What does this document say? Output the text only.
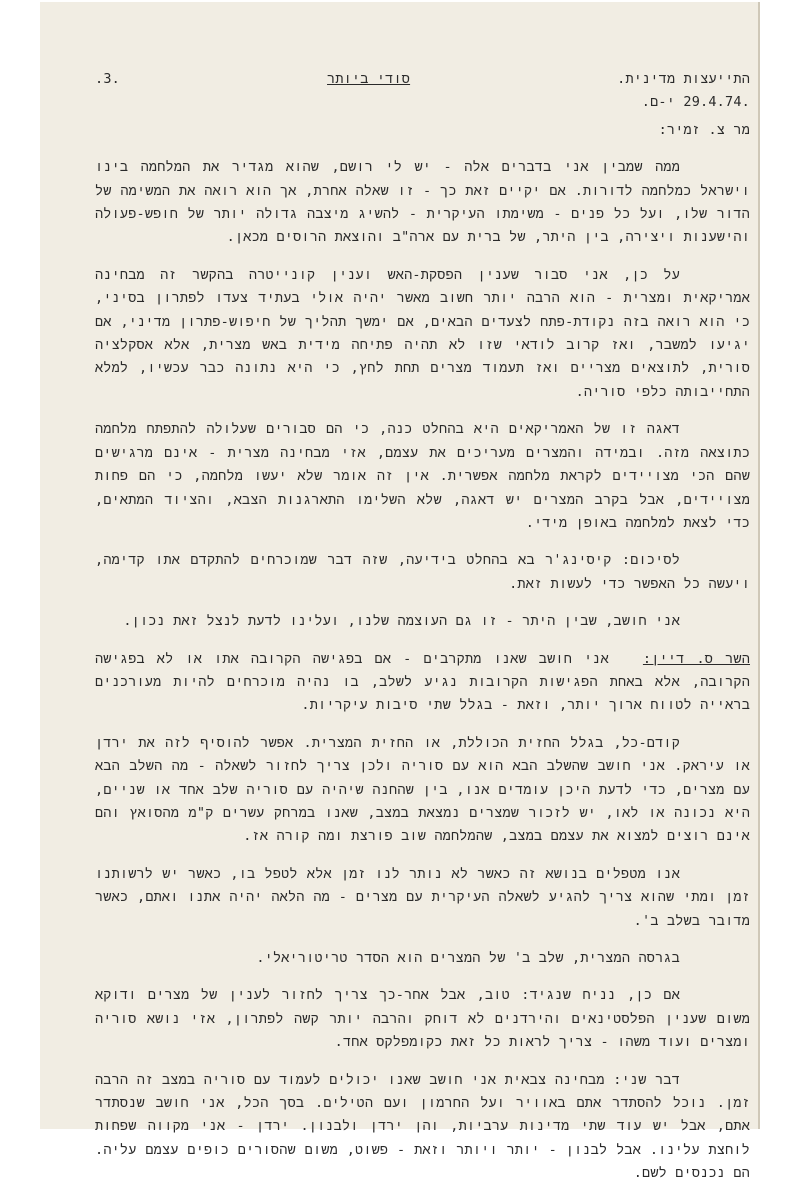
התייעצות מדינית.
סודי ביותר
.3.
.29.4.74 י-ם.
מר צ. זמיר:

ממה שמבין אני בדברים אלה - יש לי רושם, שהוא מגדיר את המלחמה בינו וישראל כמלחמה לדורות. אם יקיים זאת כך - זו שאלה אחרת, אך הוא רואה את המשימה של הדור שלו, ועל כל פנים - משימתו העיקרית - להשיג מיצבה גדולה יותר של חופש-פעולה והישענות ויצירה, בין היתר, של ברית עם ארה"ב והוצאת הרוסים מכאן.

על כן, אני סבור שענין הפסקת-האש וענין קונייטרה בהקשר זה מבחינה אמריקאית ומצרית - הוא הרבה יותר חשוב מאשר יהיה אולי בעתיד צעדו לפתרון בסיני, כי הוא רואה בזה נקודת-פתח לצעדים הבאים, אם ימשך תהליך של חיפוש-פתרון מדיני, אם יגיעו למשבר, ואז קרוב לודאי שזו לא תהיה פתיחה מידית באש מצרית, אלא אסקלציה סורית, לתוצאים מצריים ואז תעמוד מצרים תחת לחץ, כי היא נתונה כבר עכשיו, למלא התחייבותה כלפי סוריה.

דאגה זו של האמריקאים היא בהחלט כנה, כי הם סבורים שעלולה להתפתח מלחמה כתוצאה מזה. ובמידה והמצרים מעריכים את עצמם, אזי מבחינה מצרית - אינם מרגישים שהם הכי מצויידים לקראת מלחמה אפשרית. אין זה אומר שלא יעשו מלחמה, כי הם פחות מצויידים, אבל בקרב המצרים יש דאגה, שלא השלימו התארגנות הצבא, והציוד המתאים, כדי לצאת למלחמה באופן מידי.

לסיכום: קיסינג'ר בא בהחלט בידיעה, שזה דבר שמוכרחים להתקדם אתו קדימה, ויעשה כל האפשר כדי לעשות זאת.

אני חושב, שבין היתר - זו גם העוצמה שלנו, ועלינו לדעת לנצל זאת נכון.

השר ס. דיין:אני חושב שאנו מתקרבים - אם בפגישה הקרובה אתו או לא בפגישה הקרובה, אלא באחת הפגישות הקרובות נגיע לשלב, בו נהיה מוכרחים להיות מעורכנים בראייה לטווח ארוך יותר, וזאת - בגלל שתי סיבות עיקריות.

קודם-כל, בגלל החזית הכוללת, או החזית המצרית. אפשר להוסיף לזה את ירדן או עיראק. אני חושב שהשלב הבא הוא עם סוריה ולכן צריך לחזור לשאלה - מה השלב הבא עם מצרים, כדי לדעת היכן עומדים אנו, בין שהחנה שיהיה עם סוריה שלב אחד או שניים, היא נכונה או לאו, יש לזכור שמצרים נמצאת במצב, שאנו במרחק עשרים ק"מ מהסואץ והם אינם רוצים למצוא את עצמם במצב, שהמלחמה שוב פורצת ומה קורה אז.

אנו מטפלים בנושא זה כאשר לא נותר לנו זמן אלא לטפל בו, כאשר יש לרשותנו זמן ומתי שהוא צריך להגיע לשאלה העיקרית עם מצרים - מה הלאה יהיה אתנו ואתם, כאשר מדובר בשלב ב'.

בגרסה המצרית, שלב ב' של המצרים הוא הסדר טריטוריאלי.

אם כן, נניח שנגיד: טוב, אבל אחר-כך צריך לחזור לענין של מצרים ודוקא משום שענין הפלסטינאים והירדנים לא דוחק והרבה יותר קשה לפתרון, אזי נושא סוריה ומצרים ועוד משהו - צריך לראות כל זאת כקומפלקס אחד.

דבר שני: מבחינה צבאית אני חושב שאנו יכולים לעמוד עם סוריה במצב זה הרבה זמן. נוכל להסתדר אתם באוויר ועל החרמון ועם הטילים. בסך הכל, אני חושב שנסתדר אתם, אבל יש עוד שתי מדינות ערביות, והן ירדן ולבנון. ירדן - אני מקווה שפחות לוחצת עלינו. אבל לבנון - יותר ויותר וזאת - פשוט, משום שהסורים כופים עצמם עליה. הם נכנסים לשם.
